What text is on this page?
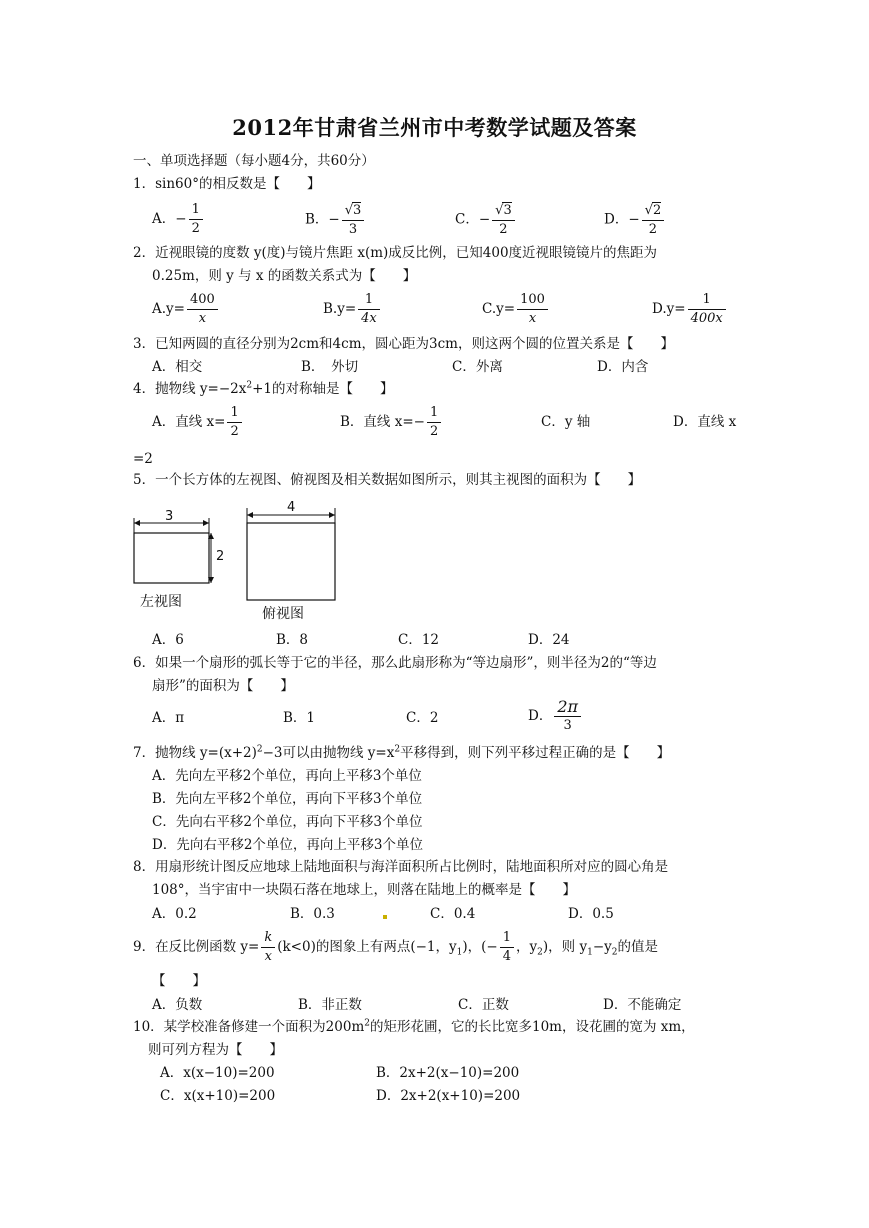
2012年甘肃省兰州市中考数学试题及答案
一、单项选择题（每小题4分，共60分）
1．sin60°的相反数是【　　】
A．− $\frac{1}{2}$	B．− $\frac{√3}{3}$	C．− $\frac{√3}{2}$	D．− $\frac{√2}{2}$
2．近视眼镜的度数 y(度)与镜片焦距 x(m)成反比例，已知400度近视眼镜镜片的焦距为
0.25m，则 y 与 x 的函数关系式为【　　】
$A.y= \frac{400}{x}$	$B.y= \frac{1}{4x}$	$C.y= \frac{100}{x}$	$D.y= \frac{1}{400x}$
3．已知两圆的直径分别为2cm和4cm，圆心距为3cm，则这两个圆的位置关系是【　　】
A．相交	B．　外切	C．外离	D．内含
4．抛物线 $y=-2x^2+1$的对称轴是【　　】
A．直线 $x= \frac{1}{2}$	B．直线 $x=- \frac{1}{2}$	C．y 轴	D．直线 x
=2
5．一个长方体的左视图、俯视图及相关数据如图所示，则其主视图的面积为【　　】
3
2
4
左视图
俯视图
A．6	B．8	C．12	D．24
6．如果一个扇形的弧长等于它的半径，那么此扇形称为“等边扇形”，则半径为2的“等边
扇形”的面积为【　　】
A．π	B．1	C．2	D． $\frac{2\pi}{3}$
7．抛物线 $y=(x+2)^2-3$可以由抛物线 $y=x^2$平移得到，则下列平移过程正确的是【　　】
A．先向左平移2个单位，再向上平移3个单位
B．先向左平移2个单位，再向下平移3个单位
C．先向右平移2个单位，再向下平移3个单位
D．先向右平移2个单位，再向上平移3个单位
8．用扇形统计图反应地球上陆地面积与海洋面积所占比例时，陆地面积所对应的圆心角是
108°，当宇宙中一块陨石落在地球上，则落在陆地上的概率是【　　】
A．0.2	B．0.3	C．0.4	D．0.5
9．在反比例函数 $y= \frac{k}{x} (k<0)$的图象上有两点(−1，$y_1$)，(− $\frac{1}{4}$ ，$y_2$)，则 $y_1-y_2$的值是
【　　】
A．负数	B．非正数	C．正数	D．不能确定
10．某学校准备修建一个面积为$200m^2$的矩形花圃，它的长比宽多10m，设花圃的宽为 xm，
则可列方程为【　　】
A．x(x−10)=200	B．2x+2(x−10)=200
C．x(x+10)=200	D．2x+2(x+10)=200
